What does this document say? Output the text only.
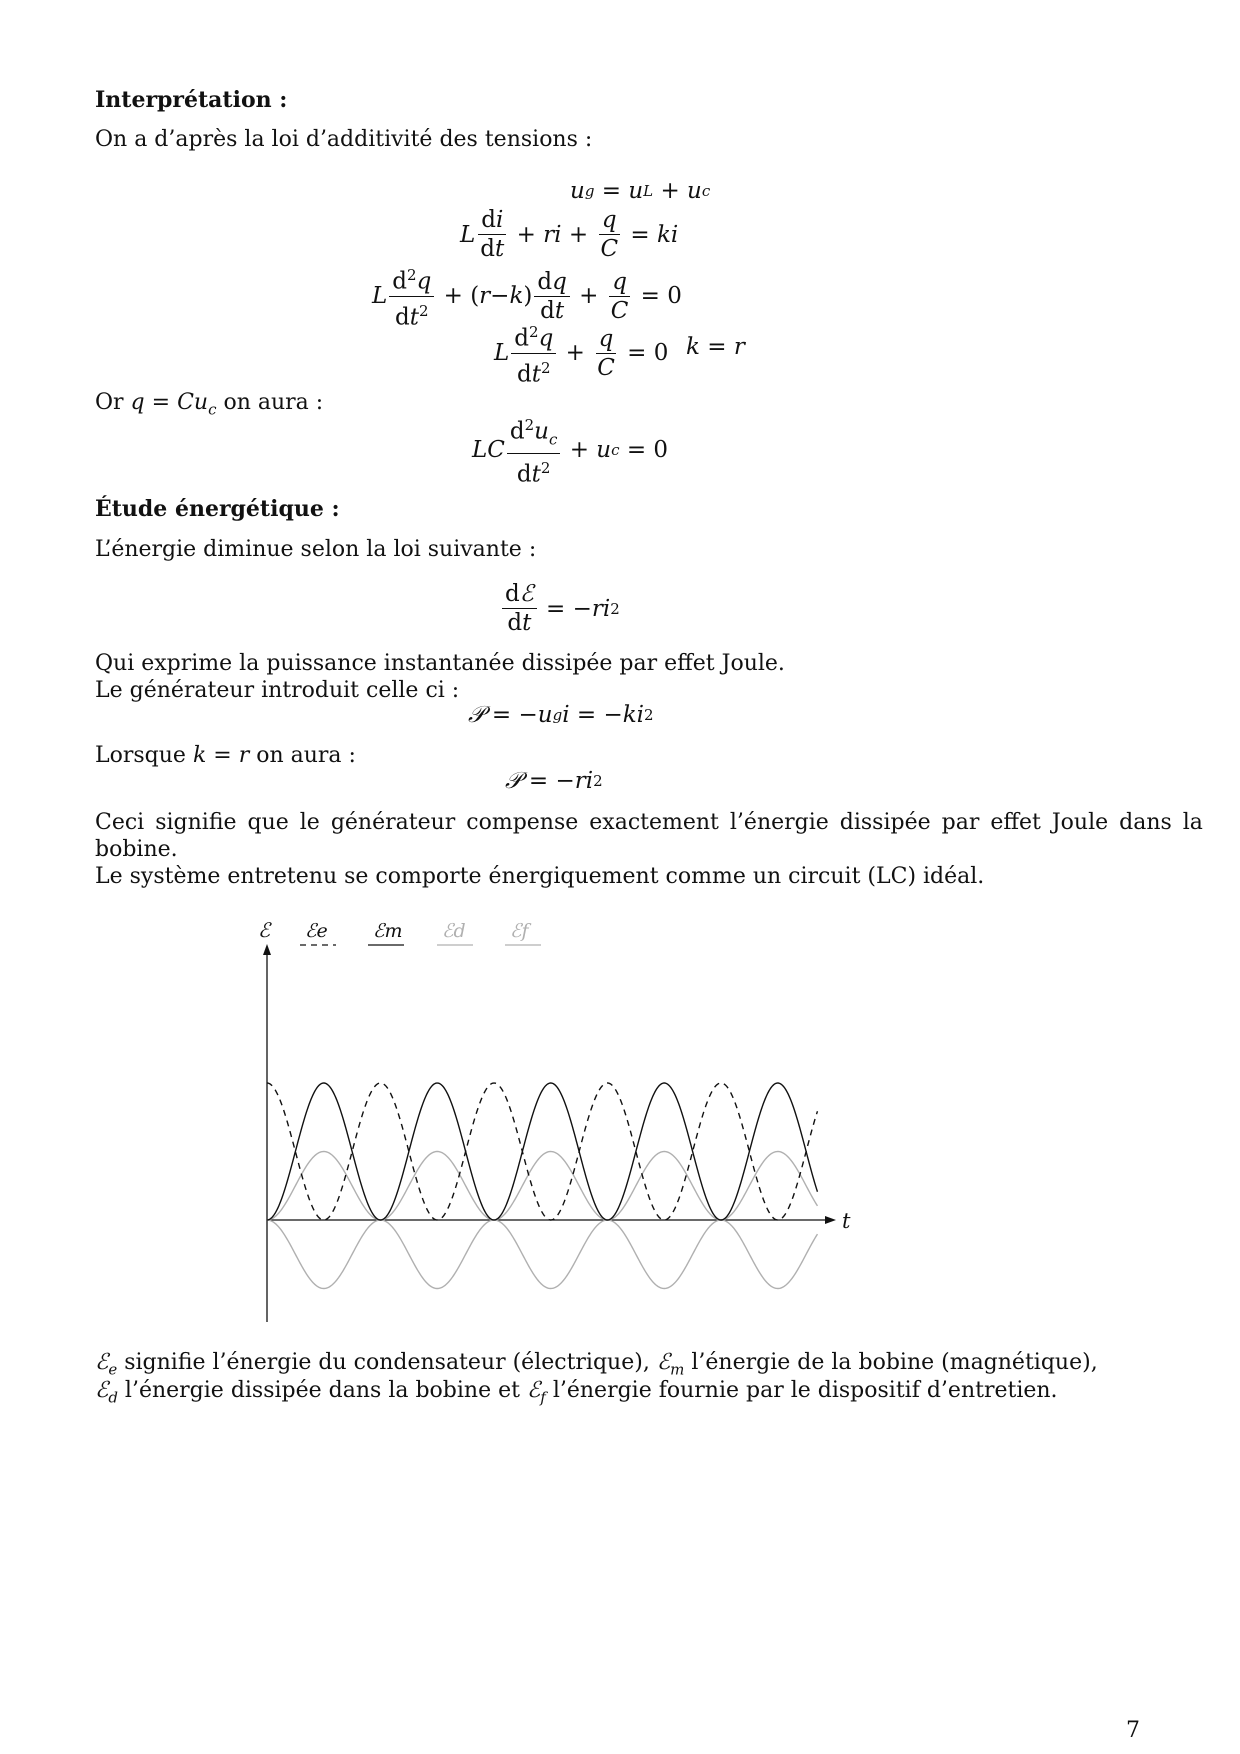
Interprétation :
On a d’après la loi d’additivité des tensions :
u g = u L + u c
L $\frac{di}{dt}$ + ri + $\frac{q}{C}$ = ki
L $\frac{d^2q}{dt^2}$ + ( r − k ) $\frac{dq}{dt} + \frac{q}{C} = 0$
L $\frac{d^2q}{dt^2} + \frac{q}{C} = 0$ k = r
Or $q = Cu_c$ on aura :
LC $\frac{d^2u_c}{dt^2} + u$ c = 0
Étude énergétique :
L’énergie diminue selon la loi suivante :
$\frac{\text{dℰ}}{dt}$ = − ri 2
Qui exprime la puissance instantanée dissipée par effet Joule.
Le générateur introduit celle ci :
𝒫 = − u g i = − ki 2
Lorsque k = r on aura :
𝒫 = − ri 2
Ceci signifie que le générateur compense exactement l’énergie dissipée par effet Joule dans la
bobine.
Le système entretenu se comporte énergiquement comme un circuit (LC) idéal.
ℰe ℰm ℰd ℰf
ℰ
t
ℰ$_e$ signifie l’énergie du condensateur (électrique), ℰ$_m$ l’énergie de la bobine (magnétique),
ℰ$_d$ l’énergie dissipée dans la bobine et ℰ$_f$ l’énergie fournie par le dispositif d’entretien.
7
